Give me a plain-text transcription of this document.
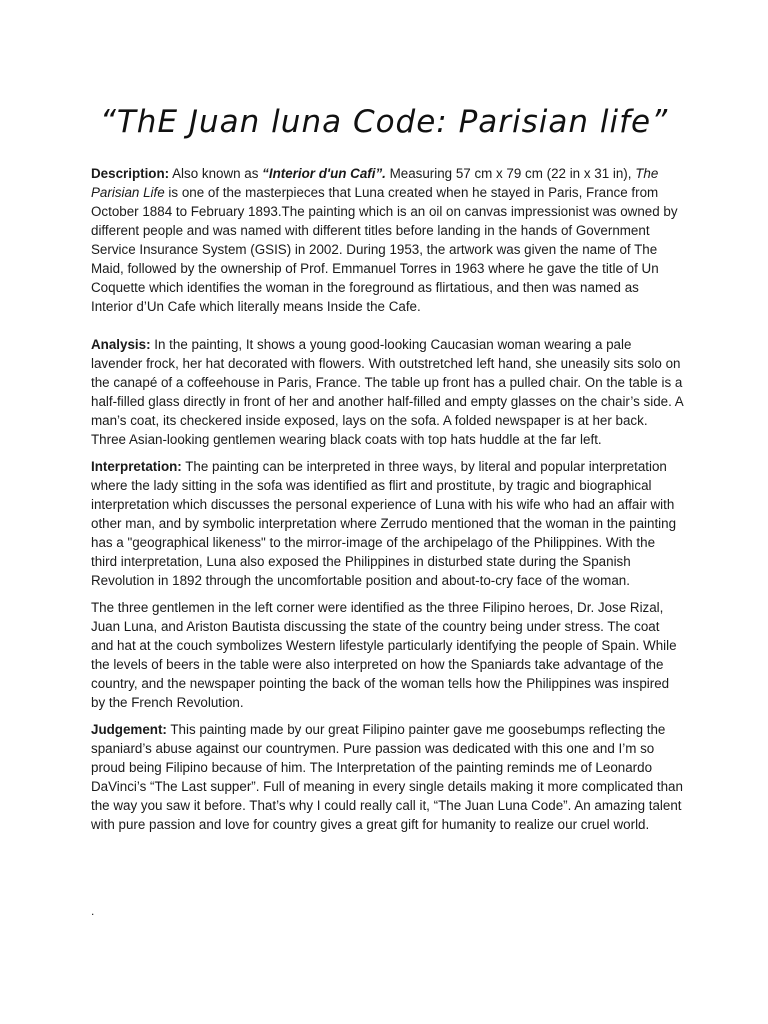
“ThE Juan luna Code: Parisian life”

Description: Also known as “Interior d'un Cafi”. Measuring 57 cm x 79 cm (22 in x 31 in), The Parisian Life is one of the masterpieces that Luna created when he stayed in Paris, France from October 1884 to February 1893.The painting which is an oil on canvas impressionist was owned by different people and was named with different titles before landing in the hands of Government Service Insurance System (GSIS) in 2002. During 1953, the artwork was given the name of The Maid, followed by the ownership of Prof. Emmanuel Torres in 1963 where he gave the title of Un Coquette which identifies the woman in the foreground as flirtatious, and then was named as Interior d’Un Cafe which literally means Inside the Cafe.

Analysis: In the painting, It shows a young good-looking Caucasian woman wearing a pale lavender frock, her hat decorated with flowers. With outstretched left hand, she uneasily sits solo on the canapé of a coffeehouse in Paris, France. The table up front has a pulled chair. On the table is a half-filled glass directly in front of her and another half-filled and empty glasses on the chair’s side. A man’s coat, its checkered inside exposed, lays on the sofa. A folded newspaper is at her back. Three Asian-looking gentlemen wearing black coats with top hats huddle at the far left.

Interpretation: The painting can be interpreted in three ways, by literal and popular interpretation where the lady sitting in the sofa was identified as flirt and prostitute, by tragic and biographical interpretation which discusses the personal experience of Luna with his wife who had an affair with other man, and by symbolic interpretation where Zerrudo mentioned that the woman in the painting has a "geographical likeness" to the mirror-image of the archipelago of the Philippines. With the third interpretation, Luna also exposed the Philippines in disturbed state during the Spanish Revolution in 1892 through the uncomfortable position and about-to-cry face of the woman.

The three gentlemen in the left corner were identified as the three Filipino heroes, Dr. Jose Rizal, Juan Luna, and Ariston Bautista discussing the state of the country being under stress. The coat and hat at the couch symbolizes Western lifestyle particularly identifying the people of Spain. While the levels of beers in the table were also interpreted on how the Spaniards take advantage of the country, and the newspaper pointing the back of the woman tells how the Philippines was inspired by the French Revolution.

Judgement: This painting made by our great Filipino painter gave me goosebumps reflecting the spaniard’s abuse against our countrymen. Pure passion was dedicated with this one and I’m so proud being Filipino because of him. The Interpretation of the painting reminds me of Leonardo DaVinci’s “The Last supper”. Full of meaning in every single details making it more complicated than the way you saw it before. That’s why I could really call it, “The Juan Luna Code”. An amazing talent with pure passion and love for country gives a great gift for humanity to realize our cruel world.

.
